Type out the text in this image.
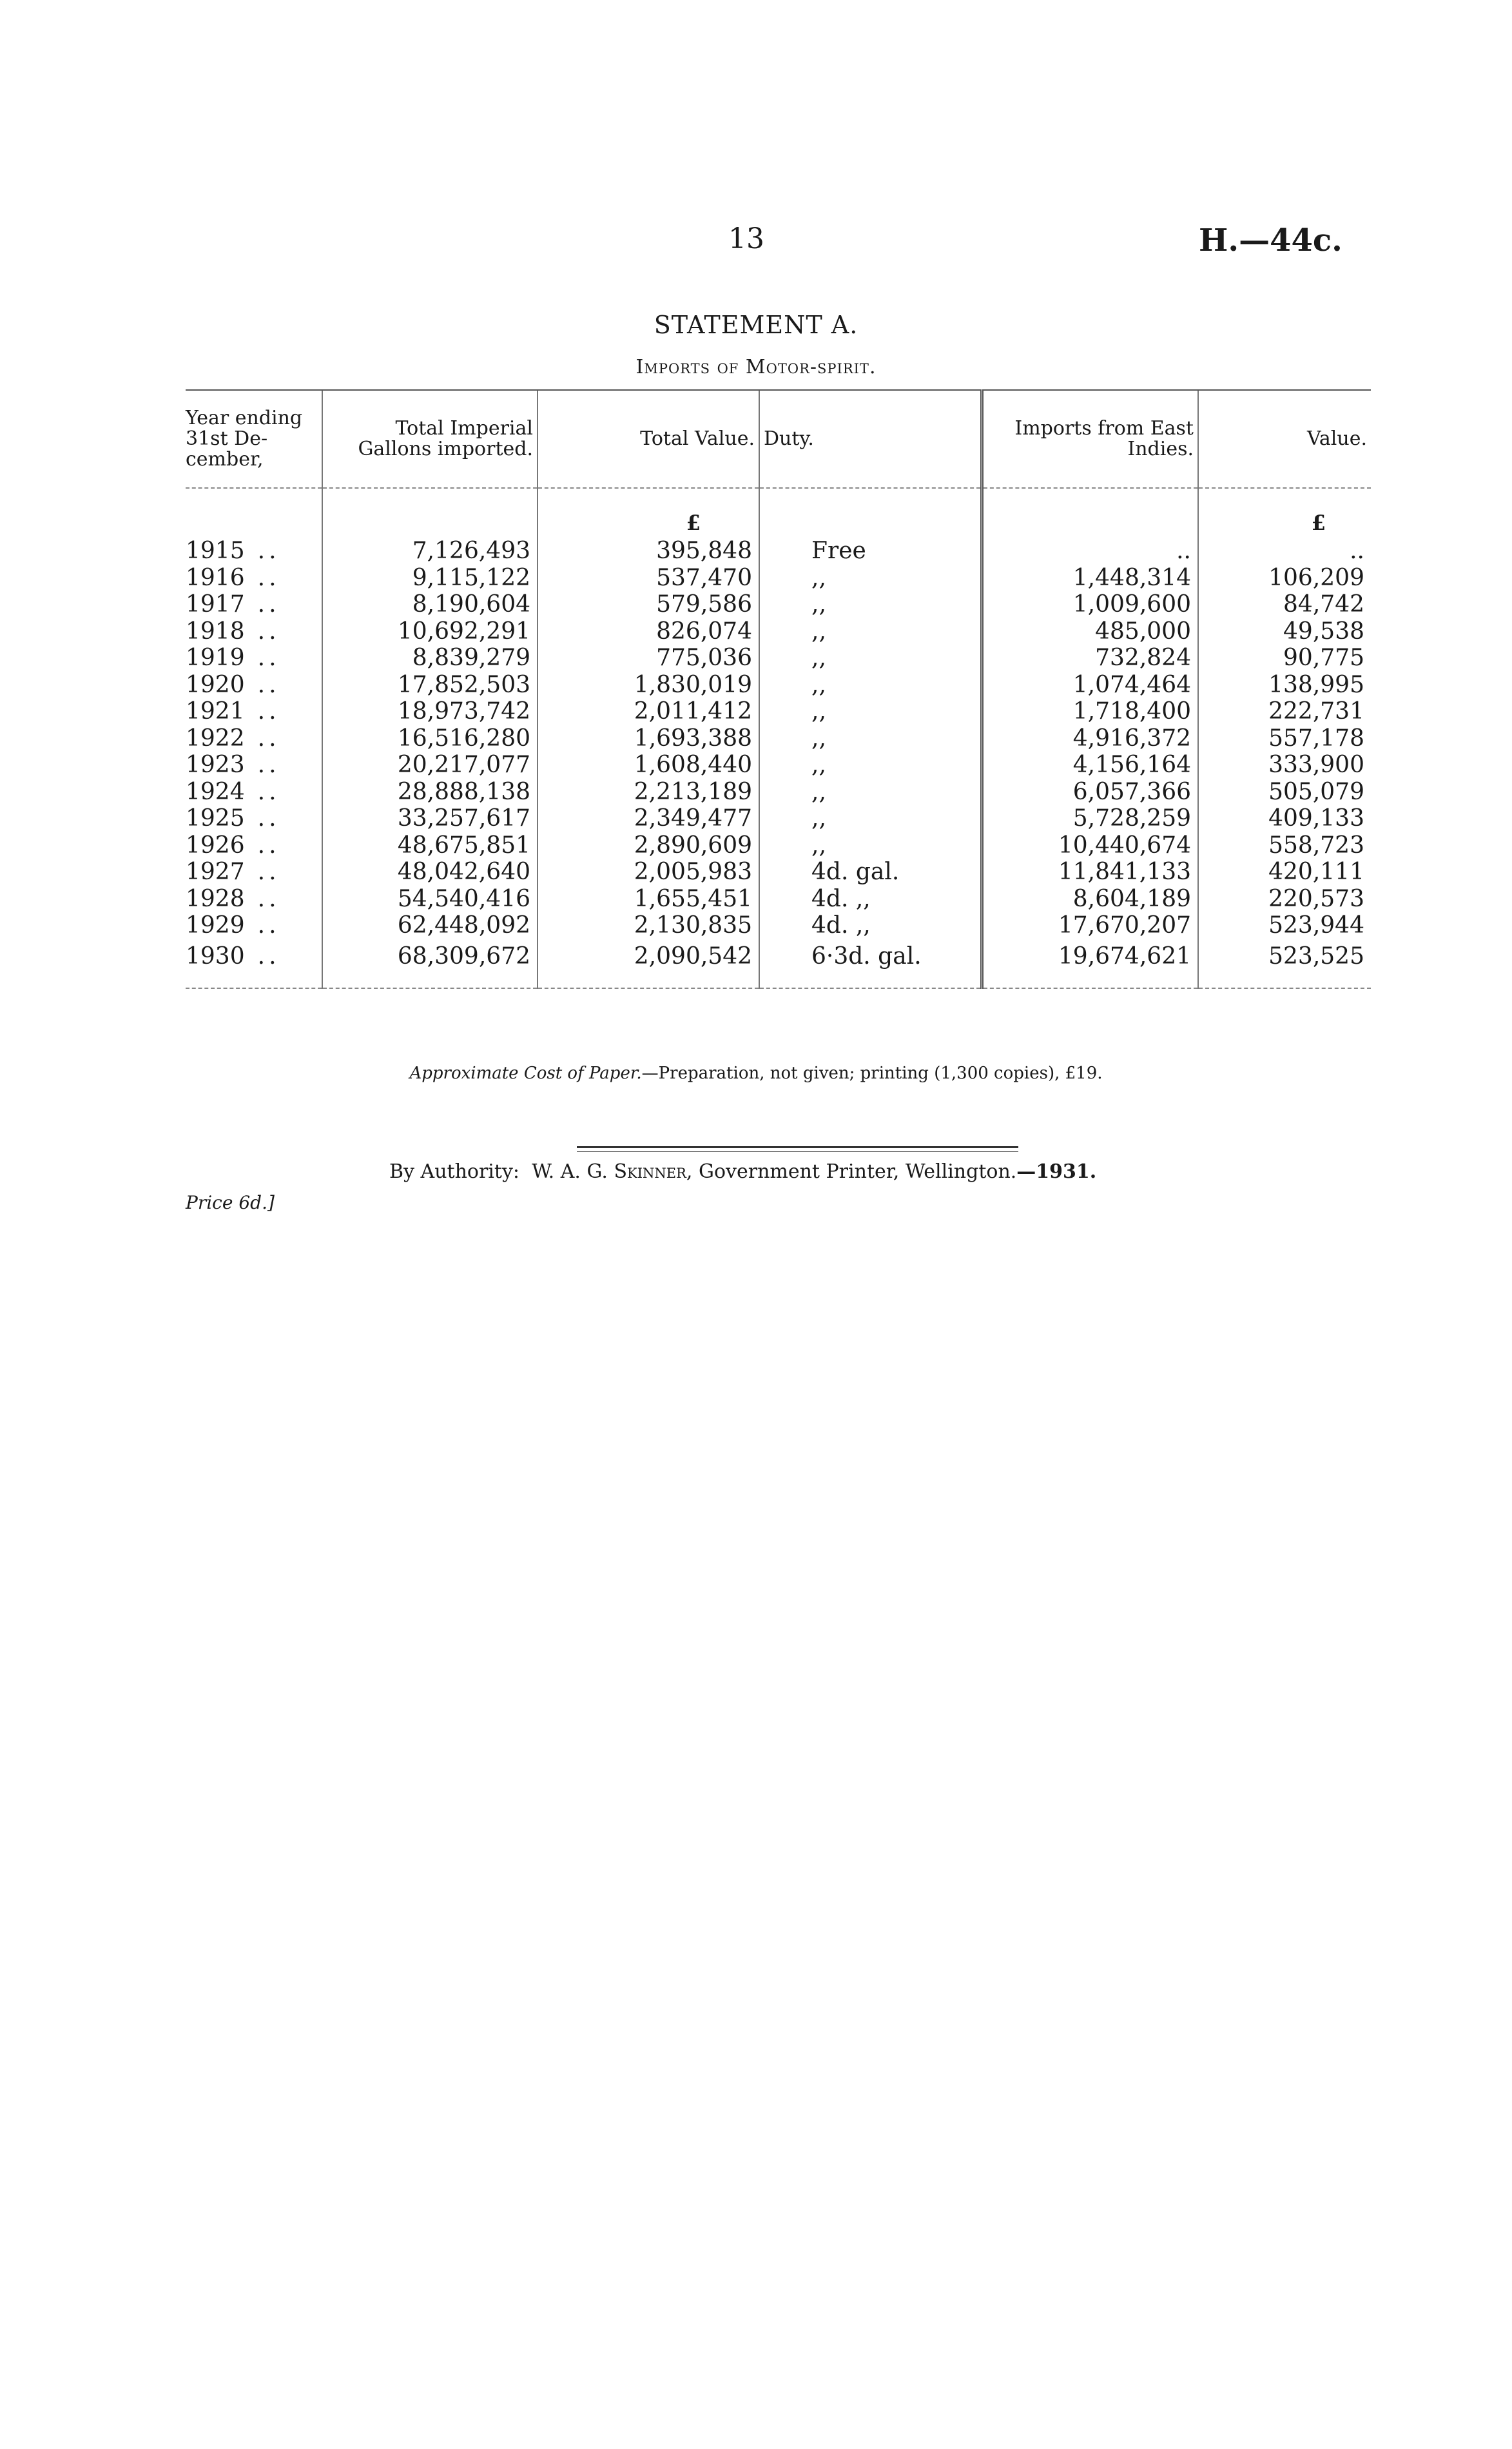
13	H.—44c.
STATEMENT A.
Imports of Motor-spirit.
Year ending 31st De-cember,	Total Imperial Gallons imported.	Total Value.	Duty.	Imports from East Indies.	Value.

		£			£
1915 ..	7,126,493	395,848	Free	..	..
1916 ..	9,115,122	537,470	,,	1,448,314	106,209
1917 ..	8,190,604	579,586	,,	1,009,600	84,742
1918 ..	10,692,291	826,074	,,	485,000	49,538
1919 ..	8,839,279	775,036	,,	732,824	90,775
1920 ..	17,852,503	1,830,019	,,	1,074,464	138,995
1921 ..	18,973,742	2,011,412	,,	1,718,400	222,731
1922 ..	16,516,280	1,693,388	,,	4,916,372	557,178
1923 ..	20,217,077	1,608,440	,,	4,156,164	333,900
1924 ..	28,888,138	2,213,189	,,	6,057,366	505,079
1925 ..	33,257,617	2,349,477	,,	5,728,259	409,133
1926 ..	48,675,851	2,890,609	,,	10,440,674	558,723
1927 ..	48,042,640	2,005,983	4d. gal.	11,841,133	420,111
1928 ..	54,540,416	1,655,451	4d. ,,	8,604,189	220,573
1929 ..	62,448,092	2,130,835	4d. ,,	17,670,207	523,944
1930 ..	68,309,672	2,090,542	6·3d. gal.	19,674,621	523,525
Approximate Cost of Paper.—Preparation, not given; printing (1,300 copies), £19.
By Authority: W. A. G. Skinner, Government Printer, Wellington.—1931.
Price 6d.]
